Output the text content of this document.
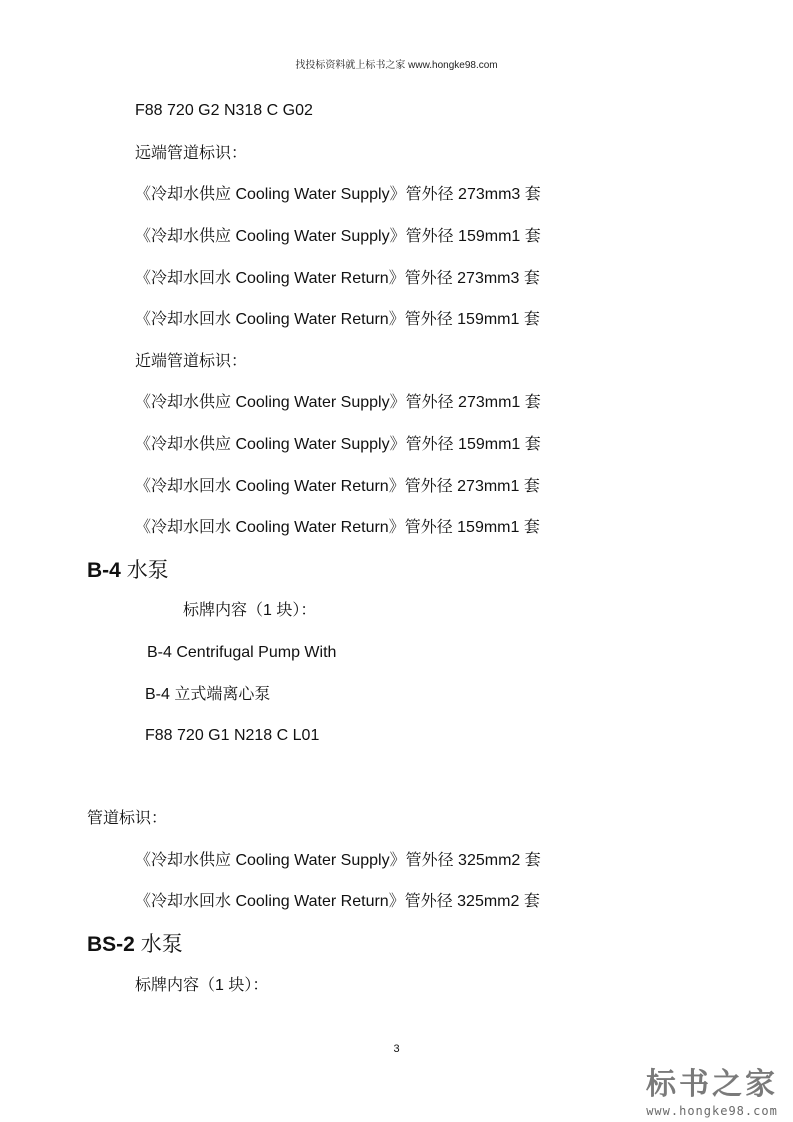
找投标资料就上标书之家 www.hongke98.com
F88 720 G2 N318 C G02
远端管道标识：
《冷却水供应 Cooling Water Supply》管外径 273mm3 套
《冷却水供应 Cooling Water Supply》管外径 159mm1 套
《冷却水回水 Cooling Water Return》管外径 273mm3 套
《冷却水回水 Cooling Water Return》管外径 159mm1 套
近端管道标识：
《冷却水供应 Cooling Water Supply》管外径 273mm1 套
《冷却水供应 Cooling Water Supply》管外径 159mm1 套
《冷却水回水 Cooling Water Return》管外径 273mm1 套
《冷却水回水 Cooling Water Return》管外径 159mm1 套
B-4 水泵
标牌内容（1 块）：
B-4 Centrifugal Pump With
B-4 立式端离心泵
F88 720 G1 N218 C L01
管道标识：
《冷却水供应 Cooling Water Supply》管外径 325mm2 套
《冷却水回水 Cooling Water Return》管外径 325mm2 套
BS-2 水泵
标牌内容（1 块）：
3
标书之家
www.hongke98.com
